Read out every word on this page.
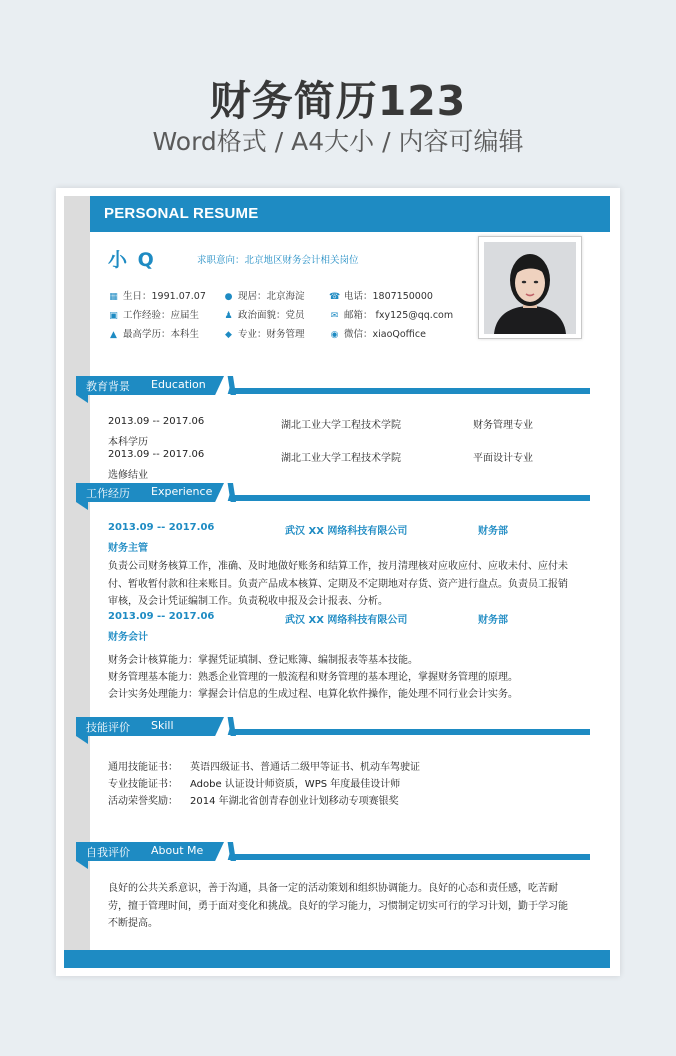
财务简历123
Word格式 / A4大小 / 内容可编辑
PERSONAL RESUME
小 Q	求职意向：北京地区财务会计相关岗位
▦ 生日：1991.07.07 ● 现居：北京海淀	☎ 电话：1807150000
▣ 工作经验：应届生	♟ 政治面貌：党员	✉ 邮箱： fxy125@qq.com
▲ 最高学历：本科生	◆ 专业：财务管理	◉ 微信：xiaoQoffice
教育背景 Education
2013.09 -- 2017.06	湖北工业大学工程技术学院	财务管理专业
本科学历
2013.09 -- 2017.06	湖北工业大学工程技术学院	平面设计专业
选修结业
工作经历 Experience
2013.09 -- 2017.06	武汉 XX 网络科技有限公司	财务部
财务主管
负责公司财务核算工作，准确、及时地做好账务和结算工作，按月清理核对应收应付、应收未付、应付未付、暂收暂付款和往来账目。负责产品成本核算、定期及不定期地对存货、资产进行盘点。负责员工报销审核，及会计凭证编制工作。负责税收申报及会计报表、分析。
2013.09 -- 2017.06	武汉 XX 网络科技有限公司	财务部
财务会计
财务会计核算能力：掌握凭证填制、登记账簿、编制报表等基本技能。
财务管理基本能力：熟悉企业管理的一般流程和财务管理的基本理论，掌握财务管理的原理。
会计实务处理能力：掌握会计信息的生成过程、电算化软件操作，能处理不同行业会计实务。
技能评价 Skill
通用技能证书： 英语四级证书、普通话二级甲等证书、机动车驾驶证
专业技能证书： Adobe 认证设计师资质，WPS 年度最佳设计师
活动荣誉奖励： 2014 年湖北省创青春创业计划移动专项赛银奖
自我评价 About Me
良好的公共关系意识，善于沟通，具备一定的活动策划和组织协调能力。良好的心态和责任感，吃苦耐劳，擅于管理时间，勇于面对变化和挑战。良好的学习能力，习惯制定切实可行的学习计划，勤于学习能不断提高。
